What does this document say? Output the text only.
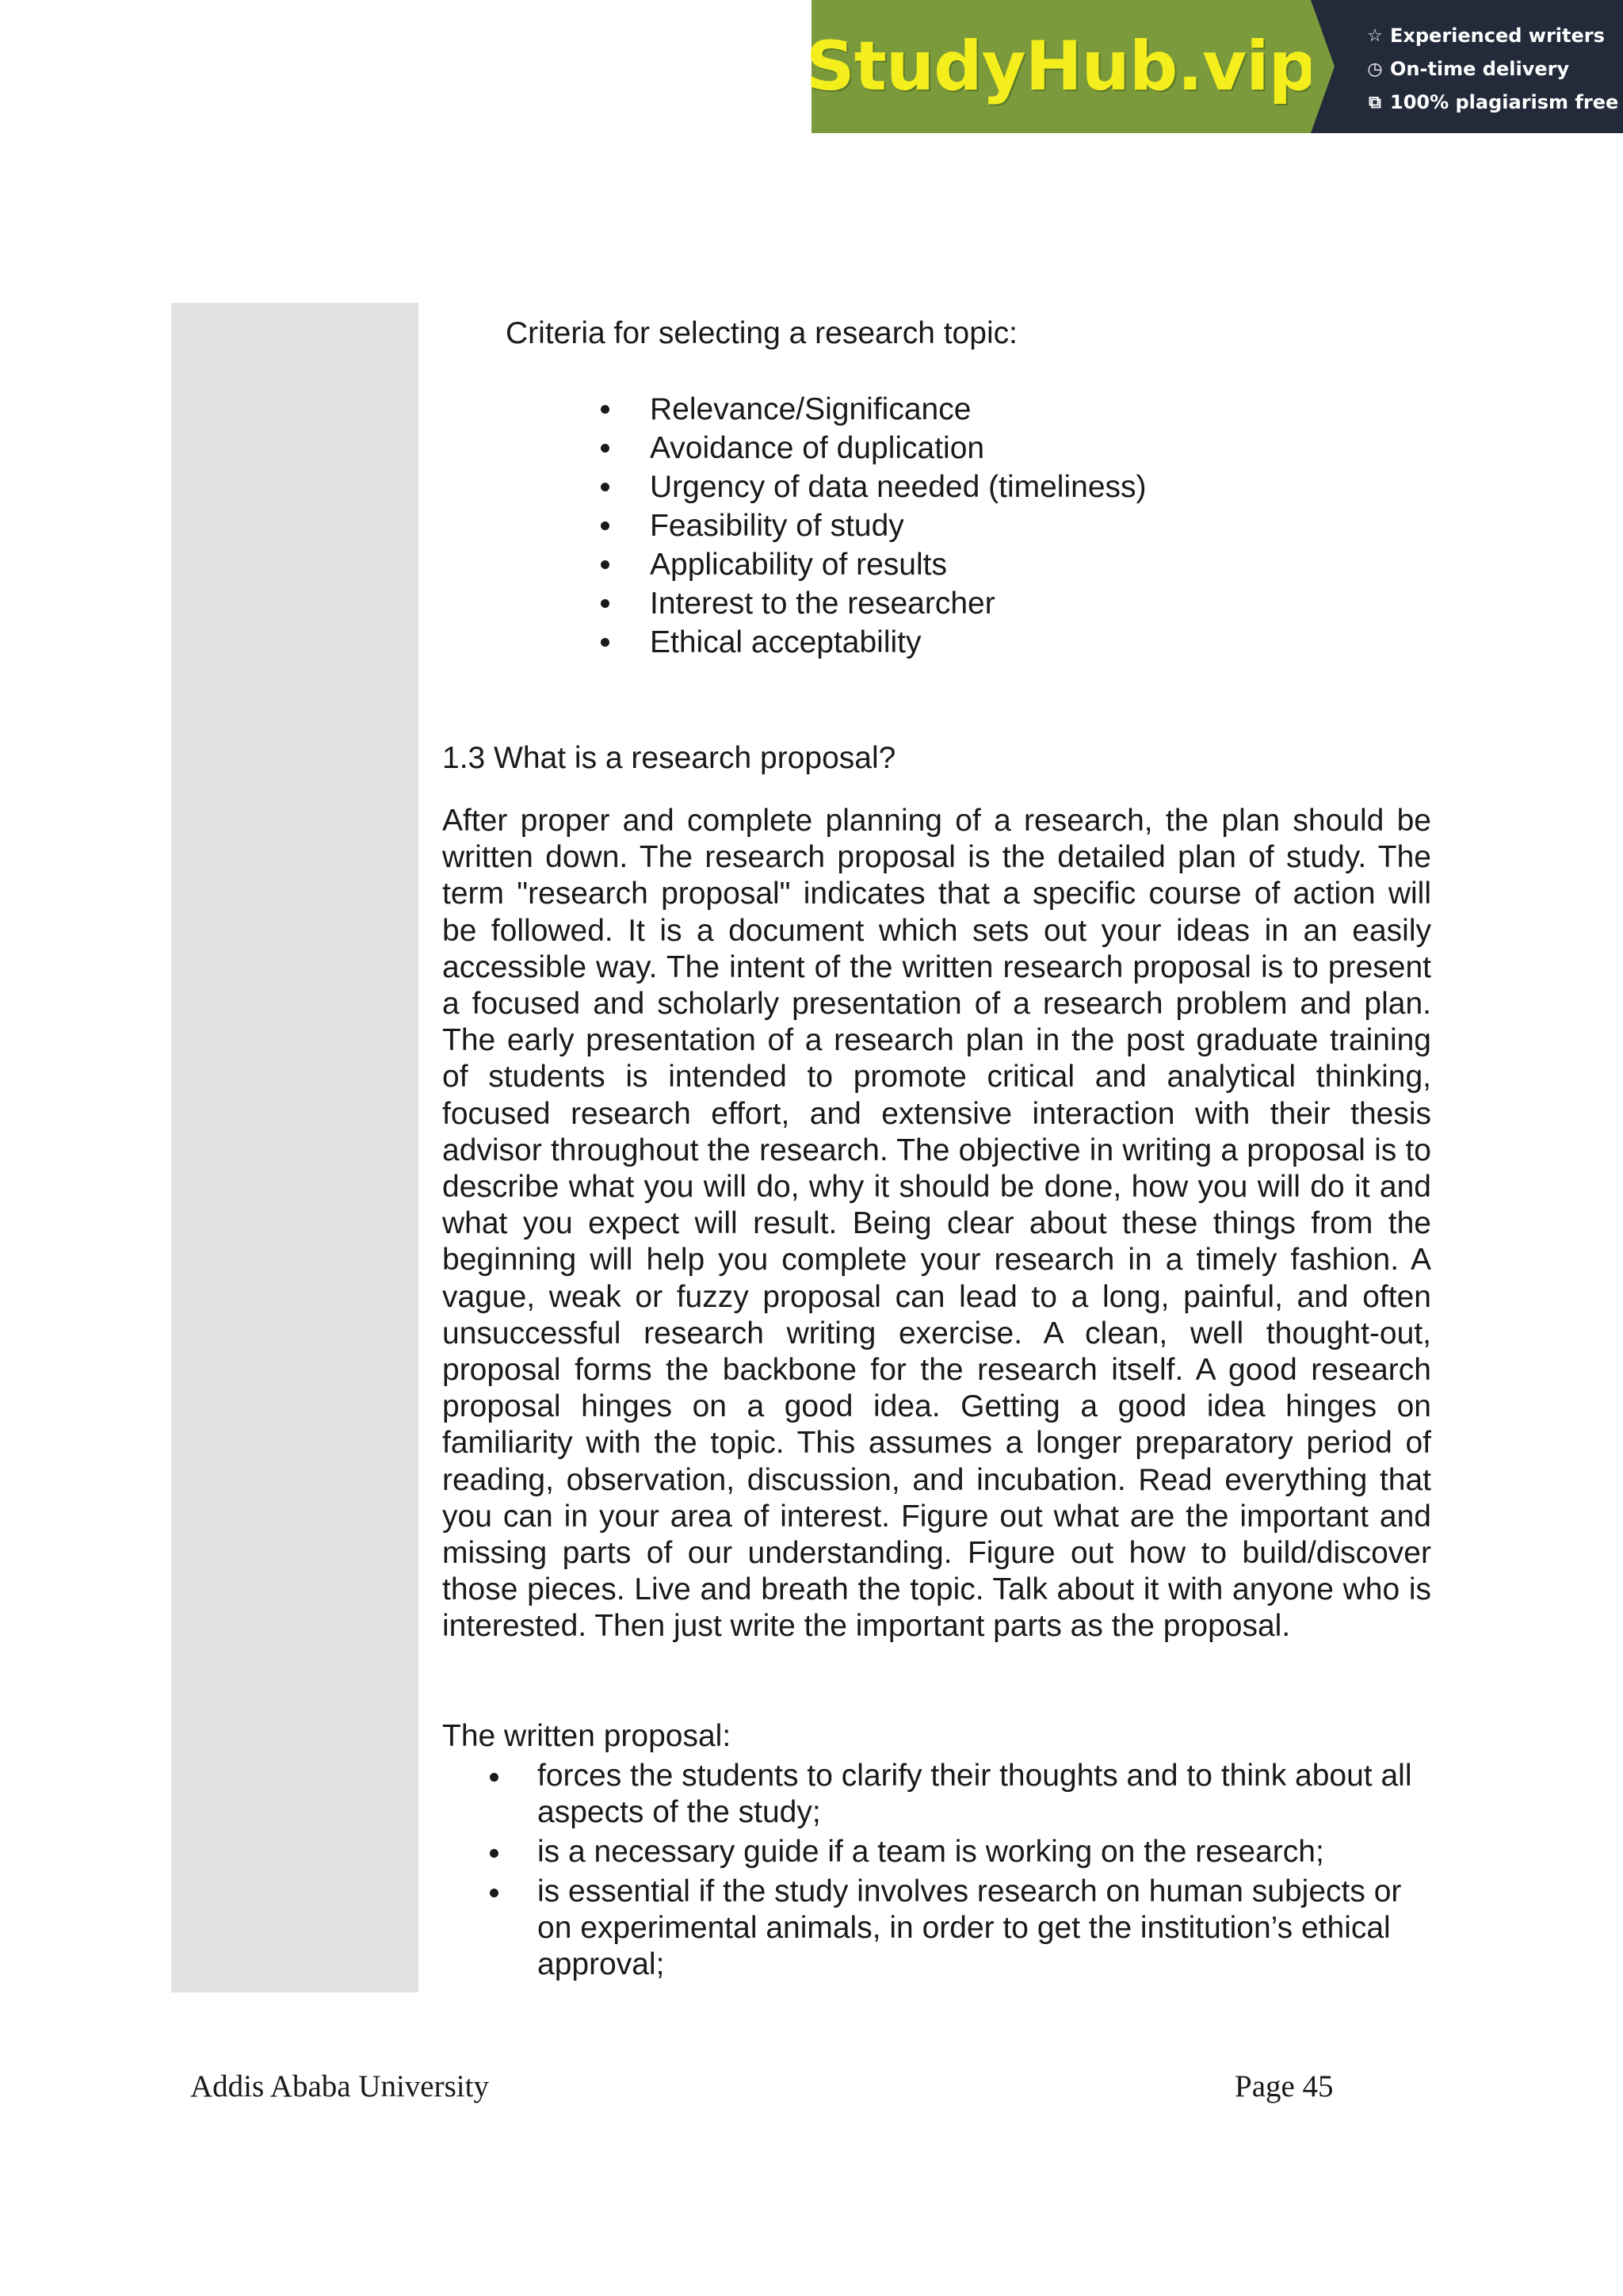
StudyHub.vip	☆ Experienced writers
◷ On-time delivery
⧉ 100% plagiarism free
Criteria for selecting a research topic:
Relevance/Significance
Avoidance of duplication
Urgency of data needed (timeliness)
Feasibility of study
Applicability of results
Interest to the researcher
Ethical acceptability
1.3 What is a research proposal?

After proper and complete planning of a research, the plan should be written down. The research proposal is the detailed plan of study. The term "research proposal" indicates that a specific course of action will be followed. It is a document which sets out your ideas in an easily accessible way. The intent of the written research proposal is to present a focused and scholarly presentation of a research problem and plan. The early presentation of a research plan in the post graduate training of students is intended to promote critical and analytical thinking, focused research effort, and extensive interaction with their thesis advisor throughout the research. The objective in writing a proposal is to describe what you will do, why it should be done, how you will do it and what you expect will result. Being clear about these things from the beginning will help you complete your research in a timely fashion. A vague, weak or fuzzy proposal can lead to a long, painful, and often unsuccessful research writing exercise. A clean, well thought-out, proposal forms the backbone for the research itself. A good research proposal hinges on a good idea. Getting a good idea hinges on familiarity with the topic. This assumes a longer preparatory period of reading, observation, discussion, and incubation. Read everything that you can in your area of interest. Figure out what are the important and missing parts of our understanding. Figure out how to build/discover those pieces. Live and breath the topic. Talk about it with anyone who is interested. Then just write the important parts as the proposal.

The written proposal:
forces the students to clarify their thoughts and to think about all aspects of the study;
is a necessary guide if a team is working on the research;
is essential if the study involves research on human subjects or on experimental animals, in order to get the institution’s ethical approval;
Addis Ababa University	Page 45
